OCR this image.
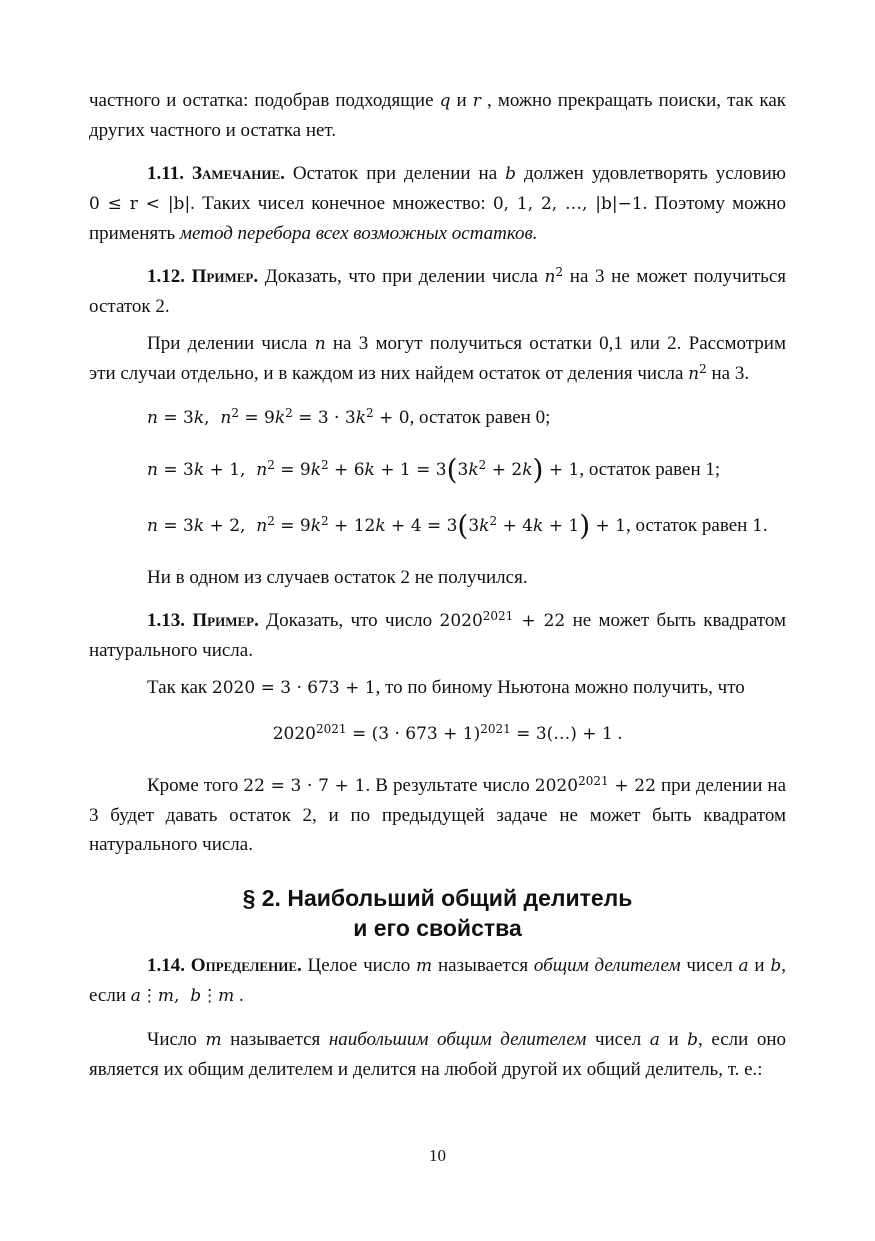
частного и остатка: подобрав подходящие q и r , можно прекращать поиски, так как других частного и остатка нет.

1.11. Замечание. Остаток при делении на b должен удовлетворять условию 0 ≤ r < |b|. Таких чисел конечное множество: 0, 1, 2, …, |b|−1. Поэтому можно применять метод перебора всех возможных остатков.

1.12. Пример. Доказать, что при делении числа $n^2$ на 3 не может получиться остаток 2.

При делении числа n на 3 могут получиться остатки 0,1 или 2. Рассмотрим эти случаи отдельно, и в каждом из них найдем остаток от деления числа $n^2$ на 3.

n = 3k,  $n^2 = 9k^2 = 3 \cdot 3k^2 + 0$, остаток равен 0;
n = 3k + 1,  $n^2 = 9k^2 + 6k + 1 = 3(3k^2 + 2k) + 1$, остаток равен 1;
n = 3k + 2,  $n^2 = 9k^2 + 12k + 4 = 3(3k^2 + 4k + 1) + 1$, остаток равен 1.

Ни в одном из случаев остаток 2 не получился.

1.13. Пример. Доказать, что число $2020^{2021} + 22$ не может быть квадратом натурального числа.

Так как 2020 = 3 · 673 + 1, то по биному Ньютона можно получить, что

$2020^{2021} = (3 \cdot 673 + 1)^{2021}$ = 3(…) + 1 .

Кроме того 22 = 3 · 7 + 1. В результате число $2020^{2021} + 22$ при делении на 3 будет давать остаток 2, и по предыдущей задаче не может быть квадратом натурального числа.

§ 2. Наибольший общий делитель
и его свойства

1.14. Определение. Целое число m называется общим делителем чисел a и b, если a⋮m,  b⋮m .

Число m называется наибольшим общим делителем чисел a и b, если оно является их общим делителем и делится на любой другой их общий делитель, т. е.:

10
